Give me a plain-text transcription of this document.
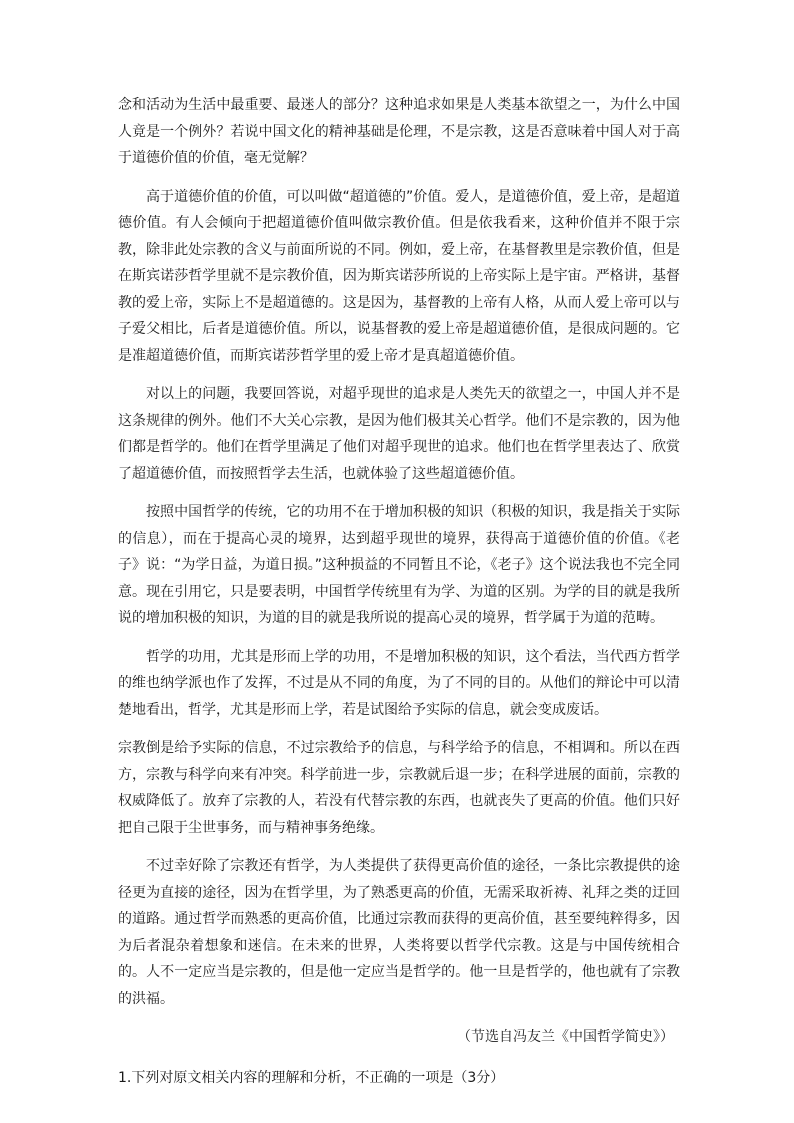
念和活动为生活中最重要、最迷人的部分？这种追求如果是人类基本欲望之一，为什么中国人竟是一个例外？若说中国文化的精神基础是伦理，不是宗教，这是否意味着中国人对于高于道德价值的价值，毫无觉解？

高于道德价值的价值，可以叫做“超道德的”价值。爱人，是道德价值，爱上帝，是超道德价值。有人会倾向于把超道德价值叫做宗教价值。但是依我看来，这种价值并不限于宗教，除非此处宗教的含义与前面所说的不同。例如，爱上帝，在基督教里是宗教价值，但是在斯宾诺莎哲学里就不是宗教价值，因为斯宾诺莎所说的上帝实际上是宇宙。严格讲，基督教的爱上帝，实际上不是超道德的。这是因为，基督教的上帝有人格，从而人爱上帝可以与子爱父相比，后者是道德价值。所以，说基督教的爱上帝是超道德价值，是很成问题的。它是准超道德价值，而斯宾诺莎哲学里的爱上帝才是真超道德价值。

对以上的问题，我要回答说，对超乎现世的追求是人类先天的欲望之一，中国人并不是这条规律的例外。他们不大关心宗教，是因为他们极其关心哲学。他们不是宗教的，因为他们都是哲学的。他们在哲学里满足了他们对超乎现世的追求。他们也在哲学里表达了、欣赏了超道德价值，而按照哲学去生活，也就体验了这些超道德价值。

按照中国哲学的传统，它的功用不在于增加积极的知识（积极的知识，我是指关于实际的信息），而在于提高心灵的境界，达到超乎现世的境界，获得高于道德价值的价值。《老子》说：“为学日益，为道日损。”这种损益的不同暂且不论，《老子》这个说法我也不完全同意。现在引用它，只是要表明，中国哲学传统里有为学、为道的区别。为学的目的就是我所说的增加积极的知识，为道的目的就是我所说的提高心灵的境界，哲学属于为道的范畴。

哲学的功用，尤其是形而上学的功用，不是增加积极的知识，这个看法，当代西方哲学的维也纳学派也作了发挥，不过是从不同的角度，为了不同的目的。从他们的辩论中可以清楚地看出，哲学，尤其是形而上学，若是试图给予实际的信息，就会变成废话。

宗教倒是给予实际的信息，不过宗教给予的信息，与科学给予的信息，不相调和。所以在西方，宗教与科学向来有冲突。科学前进一步，宗教就后退一步；在科学进展的面前，宗教的权威降低了。放弃了宗教的人，若没有代替宗教的东西，也就丧失了更高的价值。他们只好把自己限于尘世事务，而与精神事务绝缘。

不过幸好除了宗教还有哲学，为人类提供了获得更高价值的途径，一条比宗教提供的途径更为直接的途径，因为在哲学里，为了熟悉更高的价值，无需采取祈祷、礼拜之类的迂回的道路。通过哲学而熟悉的更高价值，比通过宗教而获得的更高价值，甚至要纯粹得多，因为后者混杂着想象和迷信。在未来的世界，人类将要以哲学代宗教。这是与中国传统相合的。人不一定应当是宗教的，但是他一定应当是哲学的。他一旦是哲学的，他也就有了宗教的洪福。

（节选自冯友兰《中国哲学简史》）

1.下列对原文相关内容的理解和分析，不正确的一项是（3分）
